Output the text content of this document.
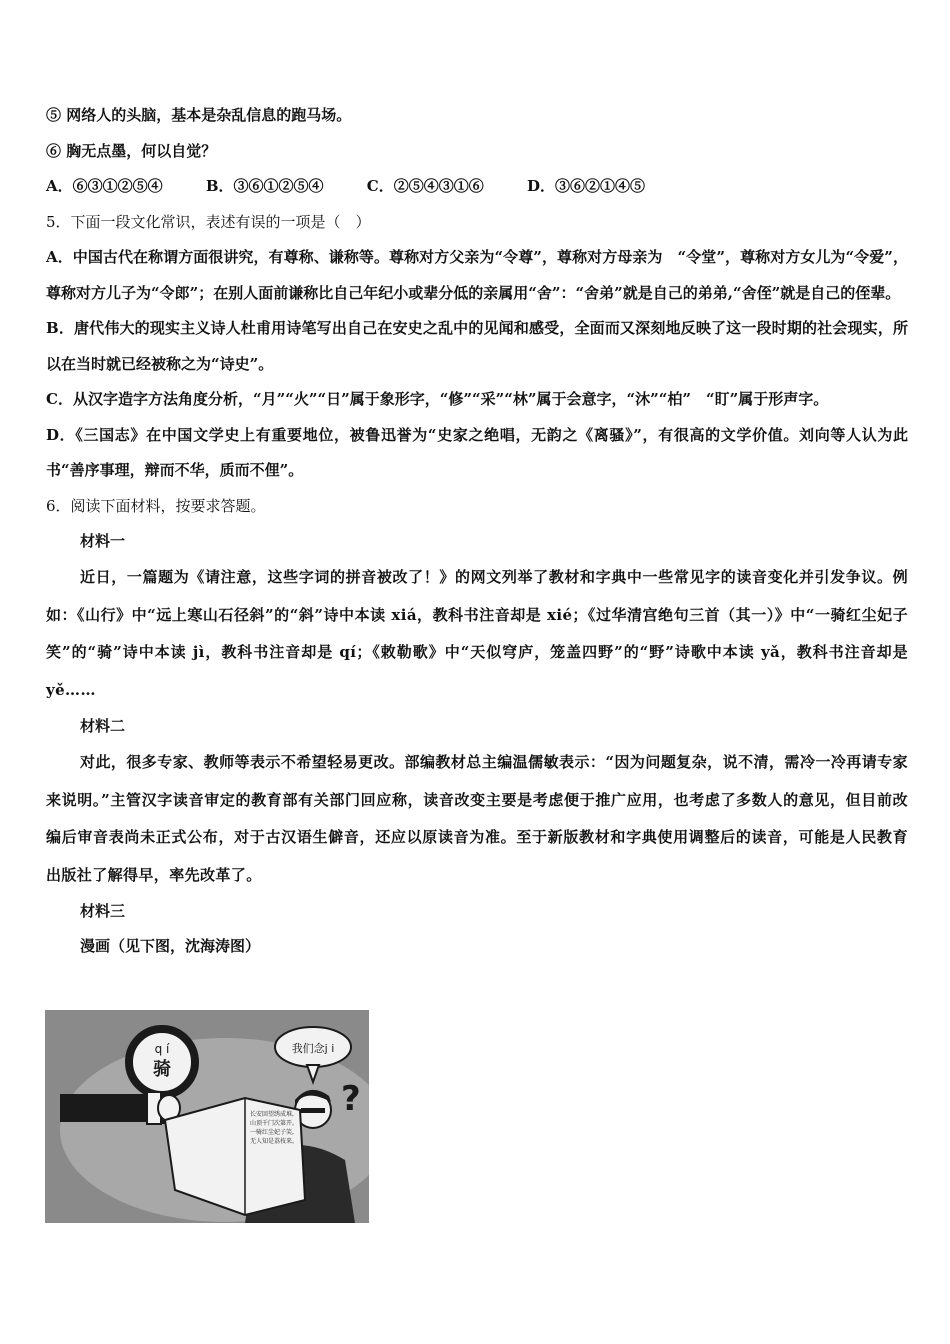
⑤ 网络人的头脑，基本是杂乱信息的跑马场。
⑥ 胸无点墨，何以自觉？
A．⑥③①②⑤④	B．③⑥①②⑤④	C．②⑤④③①⑥	D．③⑥②①④⑤
5．下面一段文化常识，表述有误的一项是（　）
A．中国古代在称谓方面很讲究，有尊称、谦称等。尊称对方父亲为“令尊”，尊称对方母亲为　“令堂”，尊称对方女儿为“令爱”，尊称对方儿子为“令郎”；在别人面前谦称比自己年纪小或辈分低的亲属用“舍”：“舍弟”就是自己的弟弟,“舍侄”就是自己的侄辈。
B．唐代伟大的现实主义诗人杜甫用诗笔写出自己在安史之乱中的见闻和感受，全面而又深刻地反映了这一段时期的社会现实，所以在当时就已经被称之为“诗史”。
C．从汉字造字方法角度分析，“月”“火”“日”属于象形字，“修”“采”“林”属于会意字，“沐”“柏”　“盯”属于形声字。
D．《三国志》在中国文学史上有重要地位，被鲁迅誉为“史家之绝唱，无韵之《离骚》”，有很高的文学价值。刘向等人认为此书“善序事理，辩而不华，质而不俚”。
6．阅读下面材料，按要求答题。
材料一
近日，一篇题为《请注意，这些字词的拼音被改了！》的网文列举了教材和字典中一些常见字的读音变化并引发争议。例如：《山行》中“远上寒山石径斜”的“斜”诗中本读 xiá，教科书注音却是 xié；《过华清宫绝句三首（其一）》中“一骑红尘妃子笑”的“骑”诗中本读 jì，教科书注音却是 qí；《敕勒歌》中“天似穹庐，笼盖四野”的“野”诗歌中本读 yǎ，教科书注音却是 yě……
材料二
对此，很多专家、教师等表示不希望轻易更改。部编教材总主编温儒敏表示：“因为问题复杂，说不清，需冷一冷再请专家来说明。”主管汉字读音审定的教育部有关部门回应称，读音改变主要是考虑便于推广应用，也考虑了多数人的意见，但目前改编后审音表尚未正式公布，对于古汉语生僻音，还应以原读音为准。至于新版教材和字典使用调整后的读音，可能是人民教育出版社了解得早，率先改革了。
材料三
漫画（见下图，沈海涛图）
q í
骑
我们念j i
?
长安回望绣成堆,
山顶千门次第开。
一骑红尘妃子笑,
无人知是荔枝来。
